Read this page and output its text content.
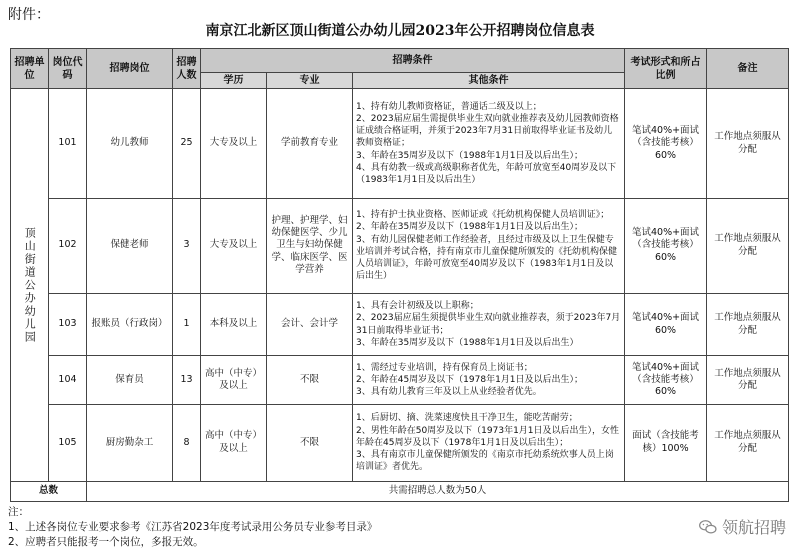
附件：
南京江北新区顶山街道公办幼儿园2023年公开招聘岗位信息表
招聘单位	岗位代码	招聘岗位	招聘人数	招聘条件			考试形式和所占比例	备注
				学历	专业	其他条件		

顶山街道公办幼儿园	101	幼儿教师	25	大专及以上	学前教育专业	1、持有幼儿教师资格证，普通话二级及以上；
2、2023届应届生需提供毕业生双向就业推荐表及幼儿园教师资格证成绩合格证明，并须于2023年7月31日前取得毕业证书及幼儿教师资格证；
3、年龄在35周岁及以下（1988年1月1日及以后出生）；
4、具有幼教一级或高级职称者优先，年龄可放宽至40周岁及以下（1983年1月1日及以后出生）	笔试40%+面试（含技能考核）60%	工作地点须服从分配
	102	保健老师	3	大专及以上	护理、护理学、妇幼保健医学、少儿卫生与妇幼保健学、临床医学、医学营养	1、持有护士执业资格、医师证或《托幼机构保健人员培训证》；
2、年龄在35周岁及以下（1988年1月1日及以后出生）；
3、有幼儿园保健老师工作经验者，且经过市级及以上卫生保健专业培训并考试合格，持有南京市儿童保健所颁发的《托幼机构保健人员培训证》，年龄可放宽至40周岁及以下（1983年1月1日及以后出生）	笔试40%+面试（含技能考核）60%	工作地点须服从分配
	103	报账员（行政岗）	1	本科及以上	会计、会计学	1、具有会计初级及以上职称；
2、2023届应届生须提供毕业生双向就业推荐表，须于2023年7月31日前取得毕业证书；
3、年龄在35周岁及以下（1988年1月1日及以后出生）	笔试40%+面试60%	工作地点须服从分配
	104	保育员	13	高中（中专）及以上	不限	1、需经过专业培训，持有保育员上岗证书；
2、年龄在45周岁及以下（1978年1月1日及以后出生）；
3、具有幼儿教育三年及以上从业经验者优先。	笔试40%+面试（含技能考核）60%	工作地点须服从分配
	105	厨房勤杂工	8	高中（中专）及以上	不限	1、后厨切、摘、洗菜速度快且干净卫生，能吃苦耐劳；
2、男性年龄在50周岁及以下（1973年1月1日及以后出生），女性年龄在45周岁及以下（1978年1月1日及以后出生）；
3、具有南京市儿童保健所颁发的《南京市托幼系统炊事人员上岗培训证》者优先。	面试（含技能考核）100%	工作地点须服从分配
总数		共需招聘总人数为50人						
注：
1、上述各岗位专业要求参考《江苏省2023年度考试录用公务员专业参考目录》
2、应聘者只能报考一个岗位，多报无效。
领航招聘
